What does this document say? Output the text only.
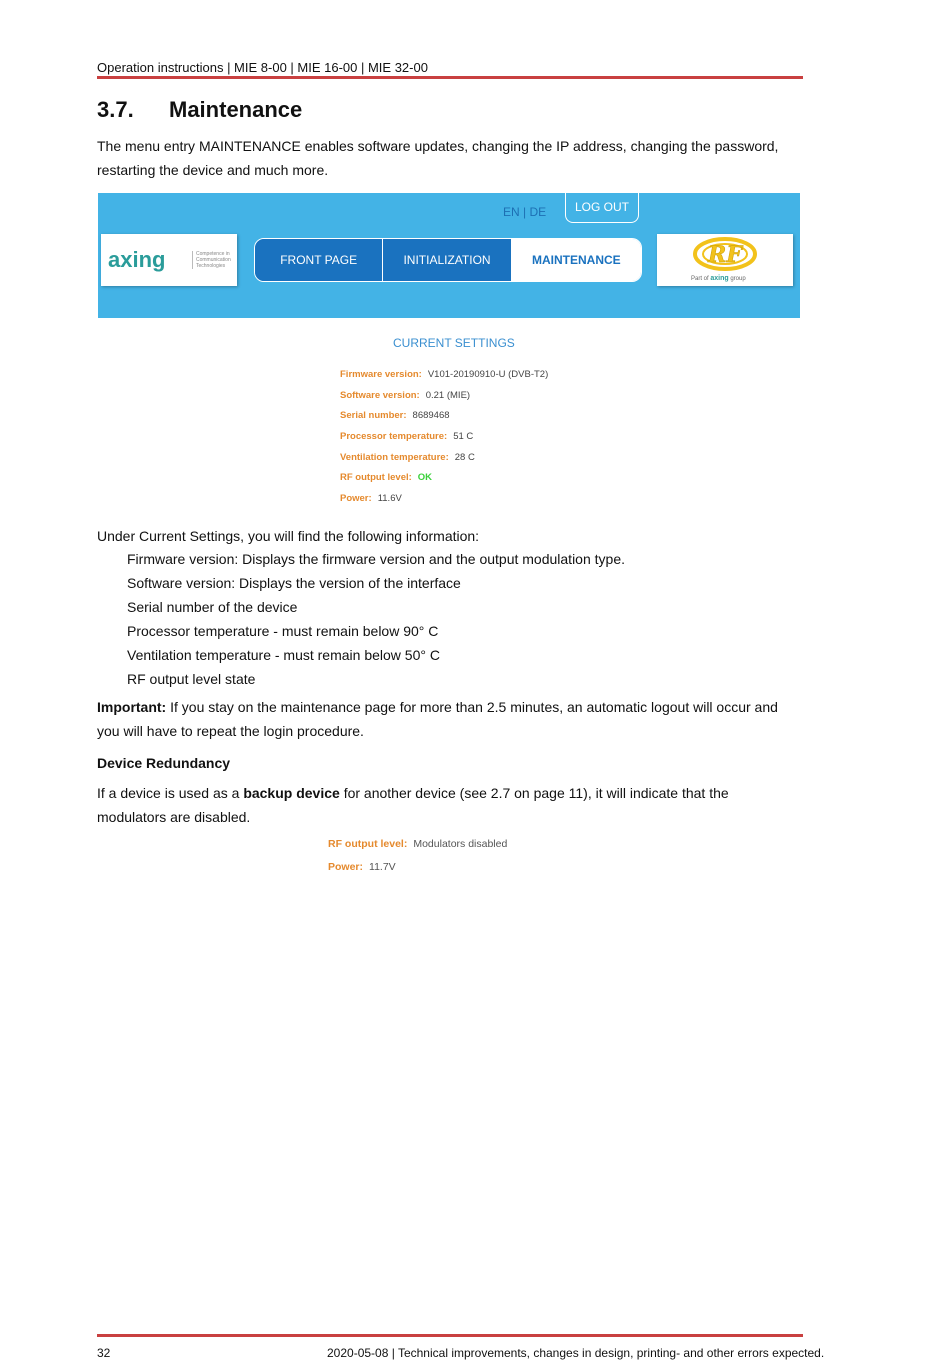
Operation instructions | MIE 8-00 | MIE 16-00 | MIE 32-00
3.7. Maintenance
The menu entry MAINTENANCE enables software updates, changing the IP address, changing the password, restarting the device and much more.
EN | DE	LOG OUT
axing	Competence in Communication Technologies	FRONT PAGE	INITIALIZATION	MAINTENANCE	RF
Part of axing group
CURRENT SETTINGS
Firmware version: V101-20190910-U (DVB-T2)
Software version: 0.21 (MIE)
Serial number: 8689468
Processor temperature: 51 C
Ventilation temperature: 28 C
RF output level: OK
Power: 11.6V
Under Current Settings, you will find the following information:
Firmware version: Displays the firmware version and the output modulation type.
Software version: Displays the version of the interface
Serial number of the device
Processor temperature - must remain below 90° C
Ventilation temperature - must remain below 50° C
RF output level state
Important: If you stay on the maintenance page for more than 2.5 minutes, an automatic logout will occur and you will have to repeat the login procedure.
Device Redundancy
If a device is used as a backup device for another device (see 2.7 on page 11), it will indicate that the modulators are disabled.
RF output level: Modulators disabled
Power: 11.7V
32	2020-05-08 | Technical improvements, changes in design, printing- and other errors expected.
